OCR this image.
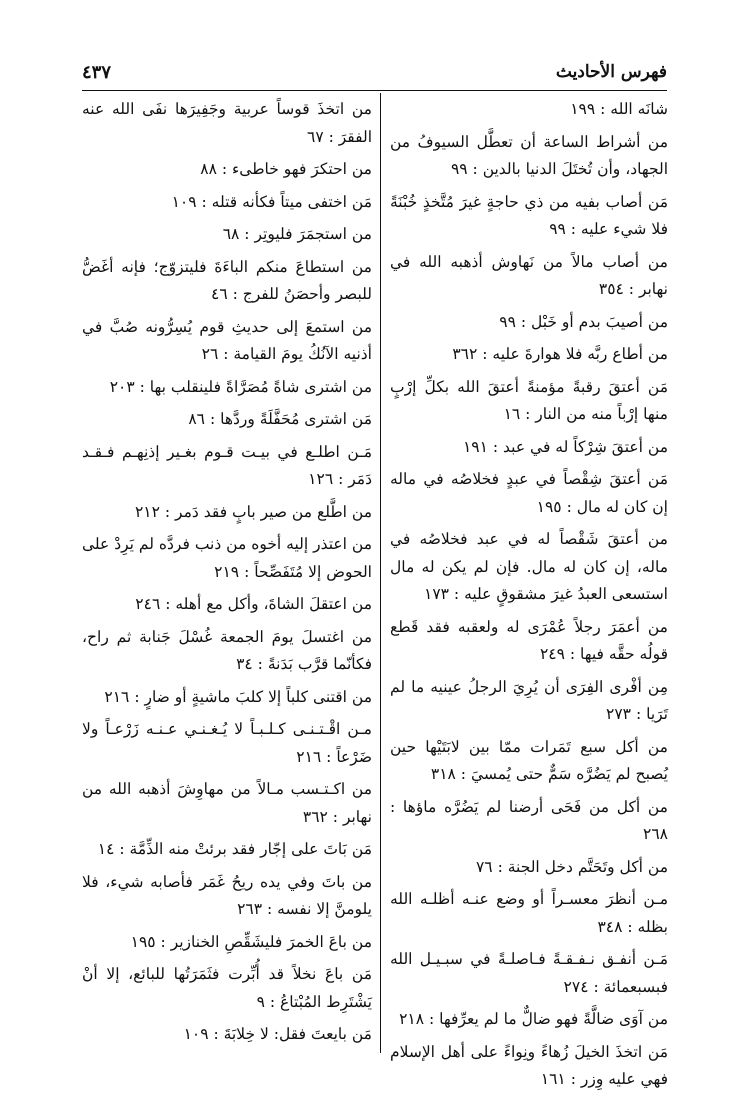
فهرس الأحاديث
٤٣٧
شانَه الله : ١٩٩
من أشراط الساعة أن تعطَّل السيوفُ من الجهاد، وأن تُختَلَ الدنيا بالدين : ٩٩
مَن أصاب بفيه من ذي حاجةٍ غيرَ مُتَّخذٍ خُبْنَةً فلا شيء عليه : ٩٩
من أصاب مالاً من نَهاوش أذهبه الله في نهابر : ٣٥٤
من أصيبَ بدم أو خَبْل : ٩٩
من أطاع ربَّه فلا هوارةَ عليه : ٣٦٢
مَن أعتقَ رقبةً مؤمنةً أعتقَ الله بكلِّ إرْبٍ منها إرْباً منه من النار : ١٦
من أعتقَ شِرْكاً له في عبد : ١٩١
مَن أعتقَ شِقْصاً في عبدٍ فخلاصُه في ماله إن كان له مال : ١٩٥
من أعتقَ شَقْصاً له في عبد فخلاصُه في ماله، إن كان له مال. فإن لم يكن له مال استسعى العبدُ غيرَ مشقوقٍ عليه : ١٧٣
من أعمَرَ رجلاً عُمْرَى له ولعقبه فقد قَطع قولُه حقَّه فيها : ٢٤٩
مِن أفْرى الفِرَى أن يُرِيَ الرجلُ عينيه ما لم تَرَيا : ٢٧٣
من أكل سبع تَمَرات ممّا بين لابَتَيْها حين يُصبح لم يَضُرَّه سَمٌّ حتى يُمسيَ : ٣١٨
من أكل من فَحَى أرضنا لم يَضُرَّه ماؤها : ٢٦٨
من أكل وتَحَتَّم دخل الجنة : ٧٦
مـن أنظرَ معسـراً أو وضع عنـه أظلـه الله بظله : ٣٤٨
مَـن أنفـق نـفـقـةً فـاصلـةً في سبـيـل الله فبسبعمائة : ٢٧٤
من آوَى ضالَّةً فهو ضالٌّ ما لم يعرِّفها : ٢١٨
مَن اتخذَ الخيلَ زُهاءً ونِواءً على أهل الإسلام فهي عليه وِزر : ١٦١
من اتخذَ قوساً عربية وجَفِيرَها نفَى الله عنه الفقرَ : ٦٧
من احتكرَ فهو خاطىء : ٨٨
مَن اختفى ميتاً فكأنه قتله : ١٠٩
من استجمَرَ فليوتِر : ٦٨
من استطاعَ منكم الباءَةَ فليتزوّج؛ فإنه أغَضُّ للبصر وأحصَنُ للفرج : ٤٦
من استمعَ إلى حديثِ قوم يُسِرُّونه صُبَّ في أذنيه الآنُكُ يومَ القيامة : ٢٦
من اشترى شاةً مُصَرَّاةً فلينقلب بها : ٢٠٣
مَن اشترى مُحَفَّلَةً وردَّها : ٨٦
مَـن اطلـع في بيـت قـوم بغـير إذنِهـم فـقـد دَمَر : ١٢٦
من اطَّلع من صير بابٍ فقد دَمر : ٢١٢
من اعتذر إليه أخوه من ذنب فردَّه لم يَرِدْ على الحوض إلا مُتَفَصِّحاً : ٢١٩
من اعتقلَ الشاةَ، وأكل مع أهله : ٢٤٦
من اغتسلَ يومَ الجمعة غُسْلَ جَنابة ثم راح، فكأنّما قرَّب بَدَنةً : ٣٤
من اقتنى كلباً إلا كلبَ ماشيةٍ أو ضارٍ : ٢١٦
مـن اقْـتـنـى كـلـبـاً لا يُـغـنـي عـنـه زَرْعـاً ولا ضَرْعاً : ٢١٦
من اكـتـسب مـالاً من مهاوِشَ أذهبه الله من نهابر : ٣٦٢
مَن بَاتَ على إجّار فقد برئتْ منه الذِّمَّة : ١٤
من باتَ وفي يده ريحُ غَمَر فأصابه شيء، فلا يلومنَّ إلا نفسه : ٢٦٣
من باعَ الخمرَ فليشَقِّصِ الخنازير : ١٩٥
مَن باعَ نخلاً قد أُبِّرت فثَمَرَتُها للبائع، إلا أنْ يَشْتَرِط المُبْتاعُ : ٩
مَن بايعتَ فقل: لا خِلابَةَ : ١٠٩
